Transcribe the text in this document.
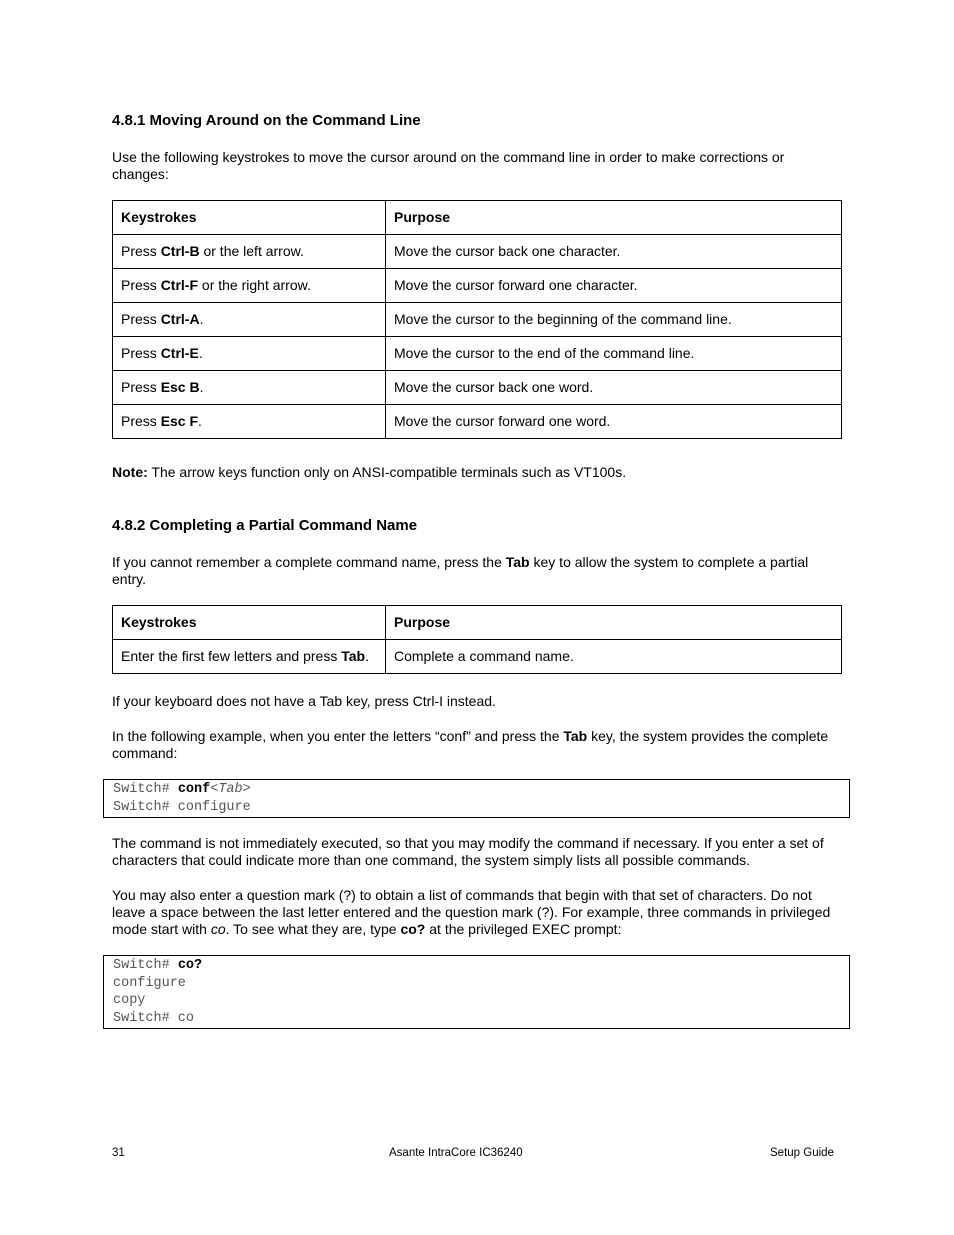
4.8.1 Moving Around on the Command Line

Use the following keystrokes to move the cursor around on the command line in order to make corrections or changes:

Keystrokes	Purpose
Press Ctrl-B or the left arrow.	Move the cursor back one character.
Press Ctrl-F or the right arrow.	Move the cursor forward one character.
Press Ctrl-A.	Move the cursor to the beginning of the command line.
Press Ctrl-E.	Move the cursor to the end of the command line.
Press Esc B.	Move the cursor back one word.
Press Esc F.	Move the cursor forward one word.

Note: The arrow keys function only on ANSI-compatible terminals such as VT100s.

4.8.2 Completing a Partial Command Name

If you cannot remember a complete command name, press the Tab key to allow the system to complete a partial entry.

Keystrokes	Purpose
Enter the first few letters and press Tab.	Complete a command name.

If your keyboard does not have a Tab key, press Ctrl-I instead.

In the following example, when you enter the letters “conf” and press the Tab key, the system provides the complete command:

Switch# conf<Tab>
Switch# configure

The command is not immediately executed, so that you may modify the command if necessary. If you enter a set of characters that could indicate more than one command, the system simply lists all possible commands.

You may also enter a question mark (?) to obtain a list of commands that begin with that set of characters. Do not leave a space between the last letter entered and the question mark (?). For example, three commands in privileged mode start with co. To see what they are, type co? at the privileged EXEC prompt:

Switch# co?
configure
copy
Switch# co
31	Asante IntraCore IC36240	Setup Guide
